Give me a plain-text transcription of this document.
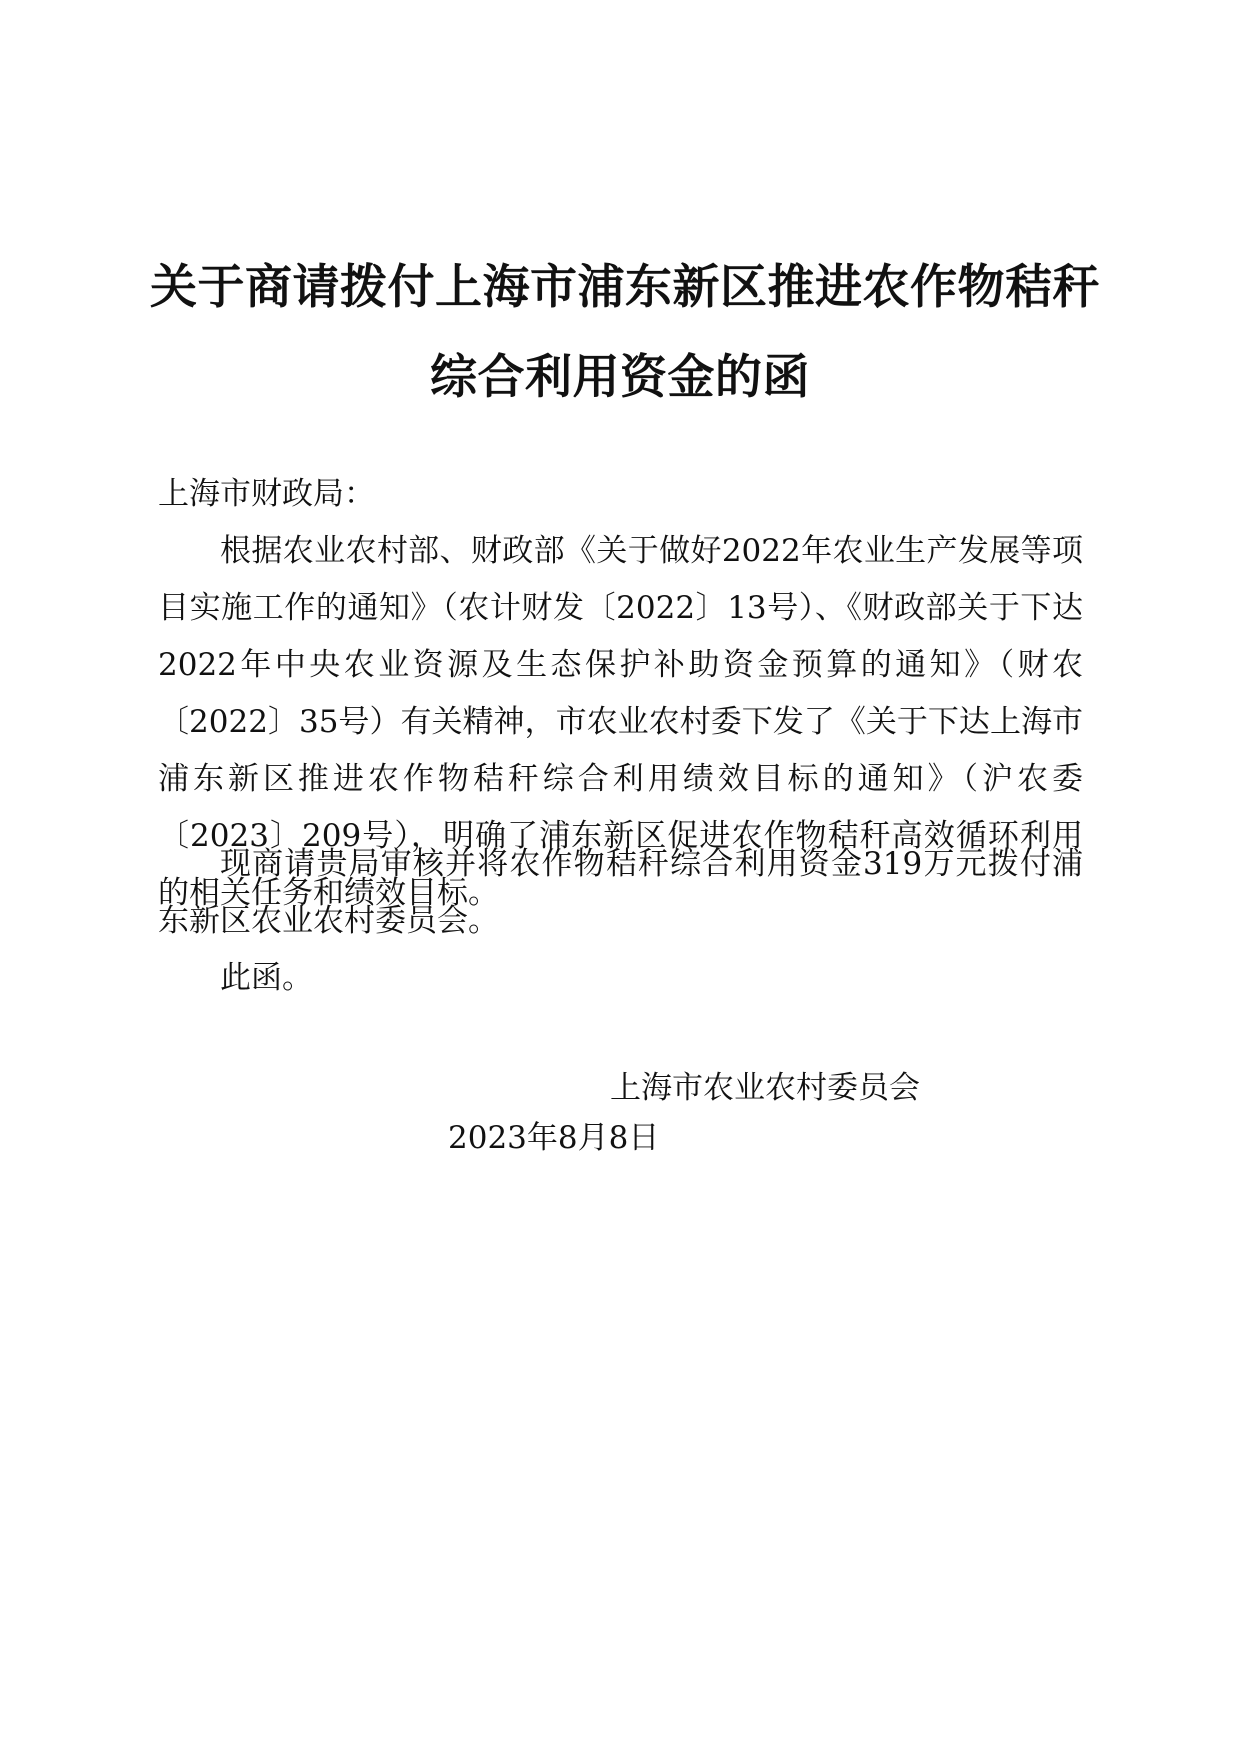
关于商请拨付上海市浦东新区推进农作物秸秆
综合利用资金的函
上海市财政局：

根据农业农村部、财政部《关于做好2022年农业生产发展等项目实施工作的通知》（农计财发〔2022〕13号）、《财政部关于下达2022年中央农业资源及生态保护补助资金预算的通知》（财农〔2022〕35号）有关精神，市农业农村委下发了《关于下达上海市浦东新区推进农作物秸秆综合利用绩效目标的通知》（沪农委〔2023〕209号），明确了浦东新区促进农作物秸秆高效循环利用的相关任务和绩效目标。

现商请贵局审核并将农作物秸秆综合利用资金319万元拨付浦东新区农业农村委员会。

此函。

上海市农业农村委员会
2023年8月8日
